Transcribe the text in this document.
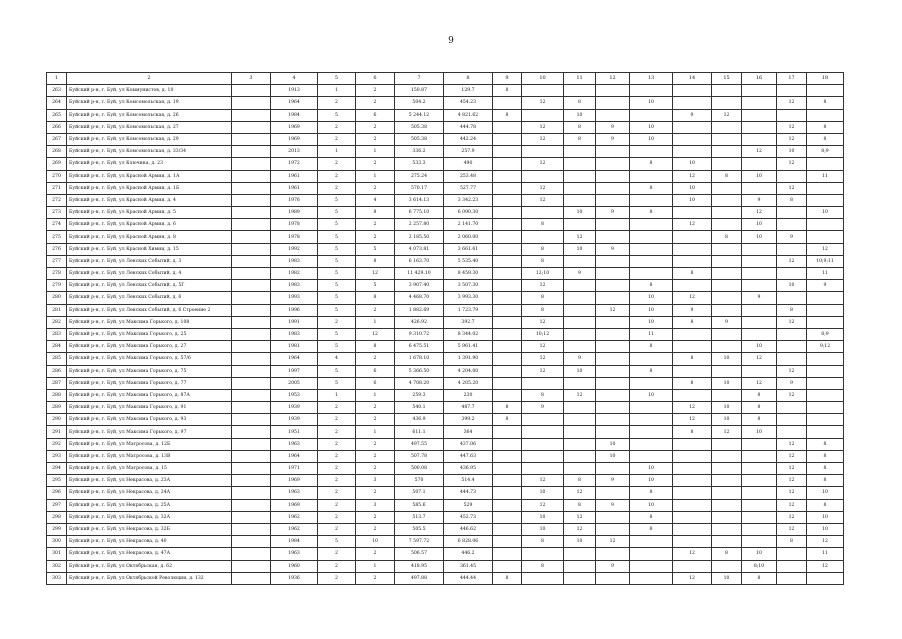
9
1	2	3	4	5	6	7	8	9	10	11	12	13	14	15	16	17	18
263	Буйский р-н, г. Буй, ул Коммунистов, д. 10		1913	1	2	150.87	129.7	8									
264	Буйский р-н, г. Буй, ул Комсомольская, д. 19		1964	2	2	504.2	454.23		12	8		10				12	8
265	Буйский р-н, г. Буй, ул Комсомольская, д. 26		1984	5	6	5 244.12	4 821.62	8		10			9	12			
266	Буйский р-н, г. Буй, ул Комсомольская, д. 27		1969	2	2	505.38	444.78		12	8	9	10				12	8
267	Буйский р-н, г. Буй, ул Комсомольская, д. 29		1969	2	2	505.38	442.24		12	8	9	10				12	8
268	Буйский р-н, г. Буй, ул Комсомольская, д. 33/34		2013	1	1	336.2	257.9								12	10	8;9
269	Буйский р-н, г. Буй, ул Ключина, д. 23		1972	2	2	533.3	490		12			8	10			12	
270	Буйский р-н, г. Буй, ул Красной Армии, д. 1А		1961	2	1	275.24	253.48						12	8	10		11
271	Буйский р-н, г. Буй, ул Красной Армии, д. 1Б		1961	2	2	570.17	527.77		12			8	10			12	
272	Буйский р-н, г. Буй, ул Красной Армии, д. 4		1976	5	4	3 614.13	3 342.23		12				10		9	8	
273	Буйский р-н, г. Буй, ул Красной Армии, д. 5		1989	5	8	6 775.10	6 090.30			10	9	8			12		10
274	Буйский р-н, г. Буй, ул Красной Армии, д. 6		1978	5	2	2 257.80	2 141.70		8				12		10		
275	Буйский р-н, г. Буй, ул Красной Армии, д. 8		1978	5	2	2 185.50	2 060.00			12				8	10	9	
276	Буйский р-н, г. Буй, ул Красной Химии, д. 15		1992	5	5	4 073.81	3 661.61		8	10	9						12
277	Буйский р-н, г. Буй, ул Ленских Событий, д. 3		1983	5	8	6 163.70	5 535.40		8							12	10;9;11
278	Буйский р-н, г. Буй, ул Ленских Событий, д. 4		1982	5	12	11 429.10	8 459.30		12;10	9			8				11
279	Буйский р-н, г. Буй, ул Ленских Событий, д. 5Г		1983	5	5	3 907.40	3 507.30		12			8				10	9
280	Буйский р-н, г. Буй, ул Ленских Событий, д. 6		1993	5	8	4 468.70	3 993.30		8			10	12		9		
281	Буйский р-н, г. Буй, ул Ленских Событий, д. 6 Строение 2		1996	5	2	1 882.69	1 723.79		8		12	10	9			8	
282	Буйский р-н, г. Буй, ул Максима Горького, д. 108		1991	2	1	426.92	392.7		12			10	8	9		12	
283	Буйский р-н, г. Буй, ул Максима Горького, д. 25		1983	5	12	9 310.72	8 344.02		10;12			11					8;9
284	Буйский р-н, г. Буй, ул Максима Горького, д. 27		1981	5	8	6 475.51	5 961.41		12			8			10		9;12
285	Буйский р-н, г. Буй, ул Максима Горького, д. 57/6		1964	4	2	1 678.10	1 391.90		12	9			8	10	12		
286	Буйский р-н, г. Буй, ул Максима Горького, д. 75		1997	5	6	5 366.50	4 204.00		12	10		8				12	
287	Буйский р-н, г. Буй, ул Максима Горького, д. 77		2005	5	6	4 708.20	4 205.20						8	10	12	9	
288	Буйский р-н, г. Буй, ул Максима Горького, д. 87А		1953	1	1	259.3	230		8	12		10			8	12	
289	Буйский р-н, г. Буй, ул Максима Горького, д. 91		1939	2	2	540.1	487.7	8	9				12	10	8		
290	Буйский р-н, г. Буй, ул Максима Горького, д. 93		1939	2	2	436.9	399.2	8					12	10	8		
291	Буйский р-н, г. Буй, ул Максима Горького, д. 97		1951	2	1	611.1	364						8	12	10		
292	Буйский р-н, г. Буй, ул Матросова, д. 12Б		1963	2	2	497.55	437.06				10					12	8
293	Буйский р-н, г. Буй, ул Матросова, д. 13В		1964	2	2	507.78	447.63				10					12	8
294	Буйский р-н, г. Буй, ул Матросова, д. 15		1971	2	2	500.08	436.95					10				12	8
295	Буйский р-н, г. Буй, ул Некрасова, д. 23А		1969	2	3	570	514.4		12	8	9	10				12	8
296	Буйский р-н, г. Буй, ул Некрасова, д. 24А		1963	2	2	507.1	444.73		10	12		8				12	10
297	Буйский р-н, г. Буй, ул Некрасова, д. 25А		1969	2	3	585.6	529		12	8	9	10				12	8
298	Буйский р-н, г. Буй, ул Некрасова, д. 32А		1962	2	2	513.7	452.73		10	12		8				12	10
299	Буйский р-н, г. Буй, ул Некрасова, д. 32Б		1962	2	2	505.5	446.62		10	12		8				12	10
300	Буйский р-н, г. Буй, ул Некрасова, д. 40		1984	5	10	7 597.72	6 828.06		8	10	12					8	12
301	Буйский р-н, г. Буй, ул Некрасова, д. 47А		1963	2	2	506.57	446.2						12	8	10		11
302	Буйский р-н, г. Буй, ул Октябрьская, д. 62		1960	2	1	418.95	361.45		8		9				8;10		12
303	Буйский р-н, г. Буй, ул Октябрьской Революции, д. 132		1936	2	2	497.88	444.44	8					12	10	8		
